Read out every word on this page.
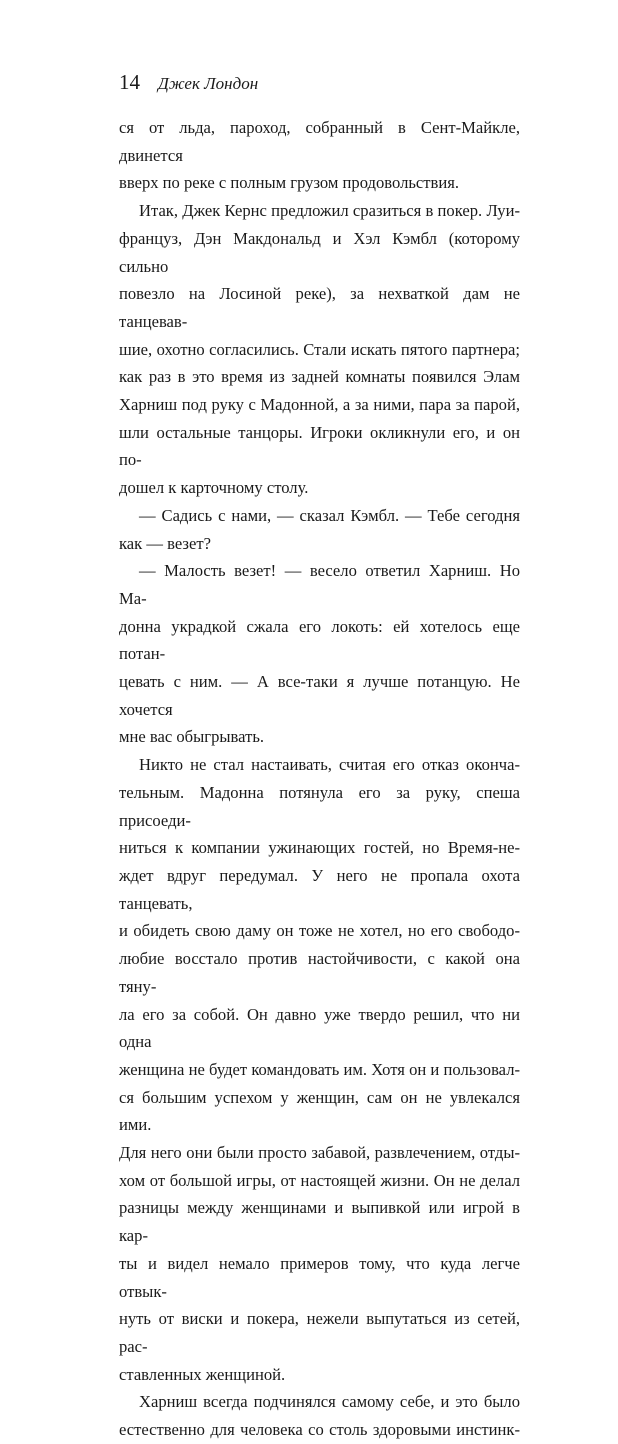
14 Джек Лондон

ся от льда, пароход, собранный в Сент-Майкле, двинется

вверх по реке с полным грузом продовольствия.

Итак, Джек Кернс предложил сразиться в покер. Луи-

француз, Дэн Макдональд и Хэл Кэмбл (которому сильно

повезло на Лосиной реке), за нехваткой дам не танцевав-

шие, охотно согласились. Стали искать пятого партнера;

как раз в это время из задней комнаты появился Элам

Харниш под руку с Мадонной, а за ними, пара за парой,

шли остальные танцоры. Игроки окликнули его, и он по-

дошел к карточному столу.

— Садись с нами, — сказал Кэмбл. — Тебе сегодня

как — везет?

— Малость везет! — весело ответил Харниш. Но Ма-

донна украдкой сжала его локоть: ей хотелось еще потан-

цевать с ним. — А все-таки я лучше потанцую. Не хочется

мне вас обыгрывать.

Никто не стал настаивать, считая его отказ оконча-

тельным. Мадонна потянула его за руку, спеша присоеди-

ниться к компании ужинающих гостей, но Время-не-

ждет вдруг передумал. У него не пропала охота танцевать,

и обидеть свою даму он тоже не хотел, но его свободо-

любие восстало против настойчивости, с какой она тяну-

ла его за собой. Он давно уже твердо решил, что ни одна

женщина не будет командовать им. Хотя он и пользовал-

ся большим успехом у женщин, сам он не увлекался ими.

Для него они были просто забавой, развлечением, отды-

хом от большой игры, от настоящей жизни. Он не делал

разницы между женщинами и выпивкой или игрой в кар-

ты и видел немало примеров тому, что куда легче отвык-

нуть от виски и покера, нежели выпутаться из сетей, рас-

ставленных женщиной.

Харниш всегда подчинялся самому себе, и это было

естественно для человека со столь здоровыми инстинк-
